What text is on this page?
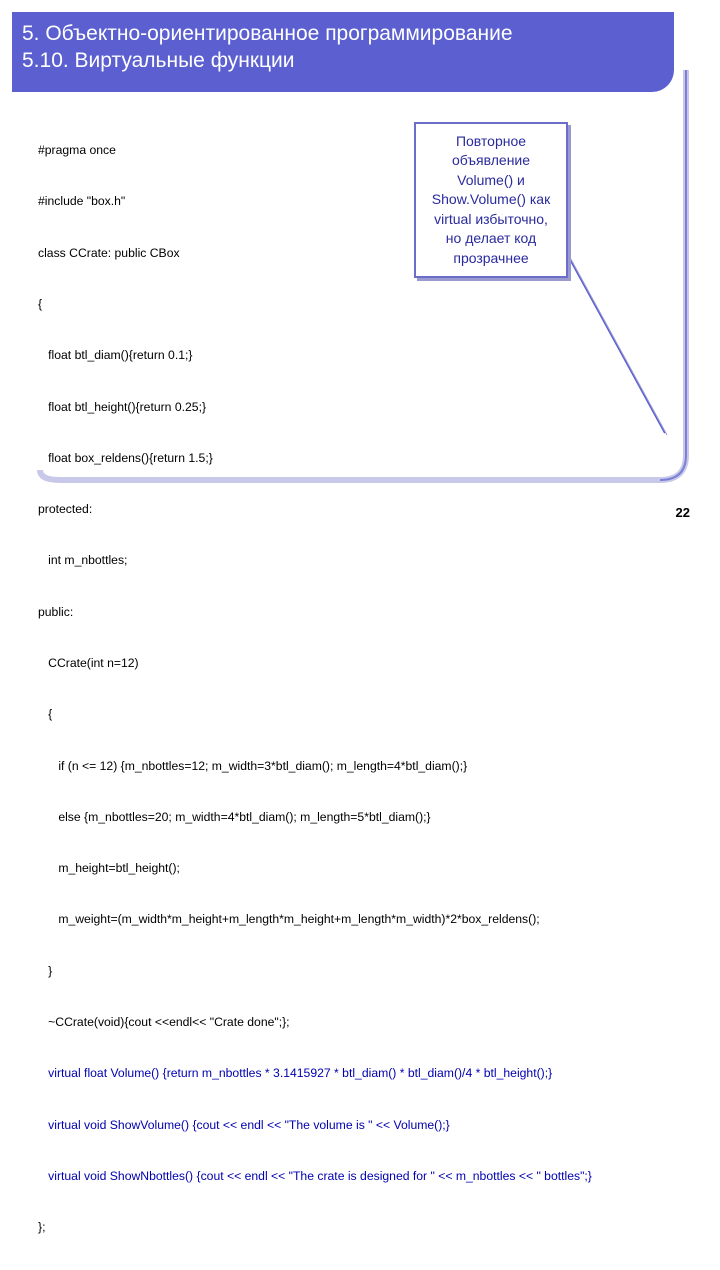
5. Объектно-ориентированное программирование
5.10. Виртуальные функции

#pragma once

#include "box.h"

class CCrate: public CBox

{

float btl_diam(){return 0.1;}

float btl_height(){return 0.25;}

float box_reldens(){return 1.5;}

protected:

int m_nbottles;

public:

CCrate(int n=12)

{

if (n <= 12) {m_nbottles=12; m_width=3*btl_diam(); m_length=4*btl_diam();}

else {m_nbottles=20; m_width=4*btl_diam(); m_length=5*btl_diam();}

m_height=btl_height();

m_weight=(m_width*m_height+m_length*m_height+m_length*m_width)*2*box_reldens();

}

~CCrate(void){cout <<endl<< "Crate done";};

virtual float Volume() {return m_nbottles * 3.1415927 * btl_diam() * btl_diam()/4 * btl_height();}

virtual void ShowVolume() {cout << endl << "The volume is " << Volume();}

virtual void ShowNbottles() {cout << endl << "The crate is designed for " << m_nbottles << " bottles";}

};

Повторное
объявление
Volume() и
Show.Volume() как
virtual избыточно,
но делает код
прозрачнее
22
